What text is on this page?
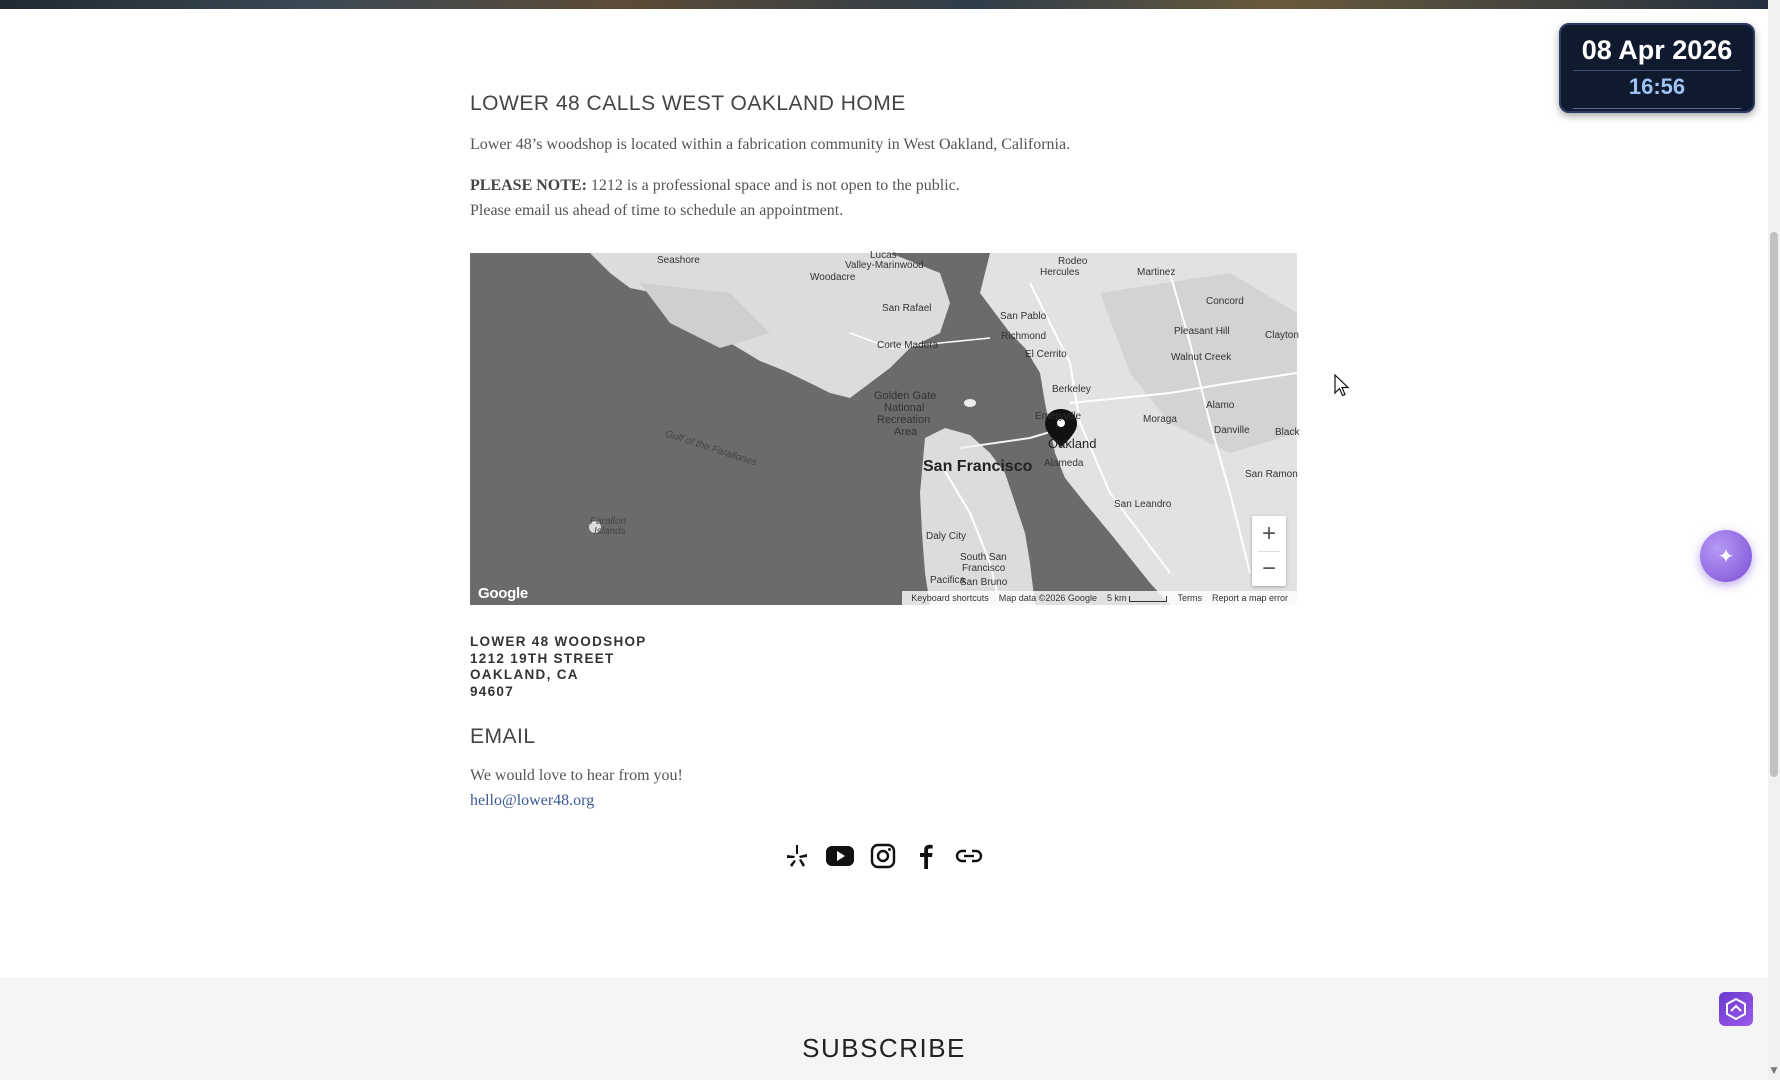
08 Apr 2026
16:56
LOWER 48 CALLS WEST OAKLAND HOME
Lower 48’s woodshop is located within a fabrication community in West Oakland, California.
PLEASE NOTE: 1212 is a professional space and is not open to the public.
Please email us ahead of time to schedule an appointment.
Seashore	Lucas
Valley-Marinwood
Woodacre
Rodeo
Hercules	Martinez
Concord
San Rafael
San Pablo
Richmond	Pleasant Hill	Clayton
Corte Madera
El Cerrito	Walnut Creek
Golden Gate
National
Recreation
Area
Berkeley
Emeryville
Oakland
Moraga
Alamo
Danville	Black
San Francisco Alameda
San Ramon
San Leandro
Gulf of the Farallones
Farallon
Islands	Daly City
South San
Francisco
San Bruno
Pacifica
+
−
Google	Keyboard shortcuts Map data ©2026 Google 5 km	Terms Report a map error
LOWER 48 WOODSHOP
1212 19TH STREET
OAKLAND, CA
94607
EMAIL
We would love to hear from you!
hello@lower48.org
SUBSCRIBE
✦
▼
